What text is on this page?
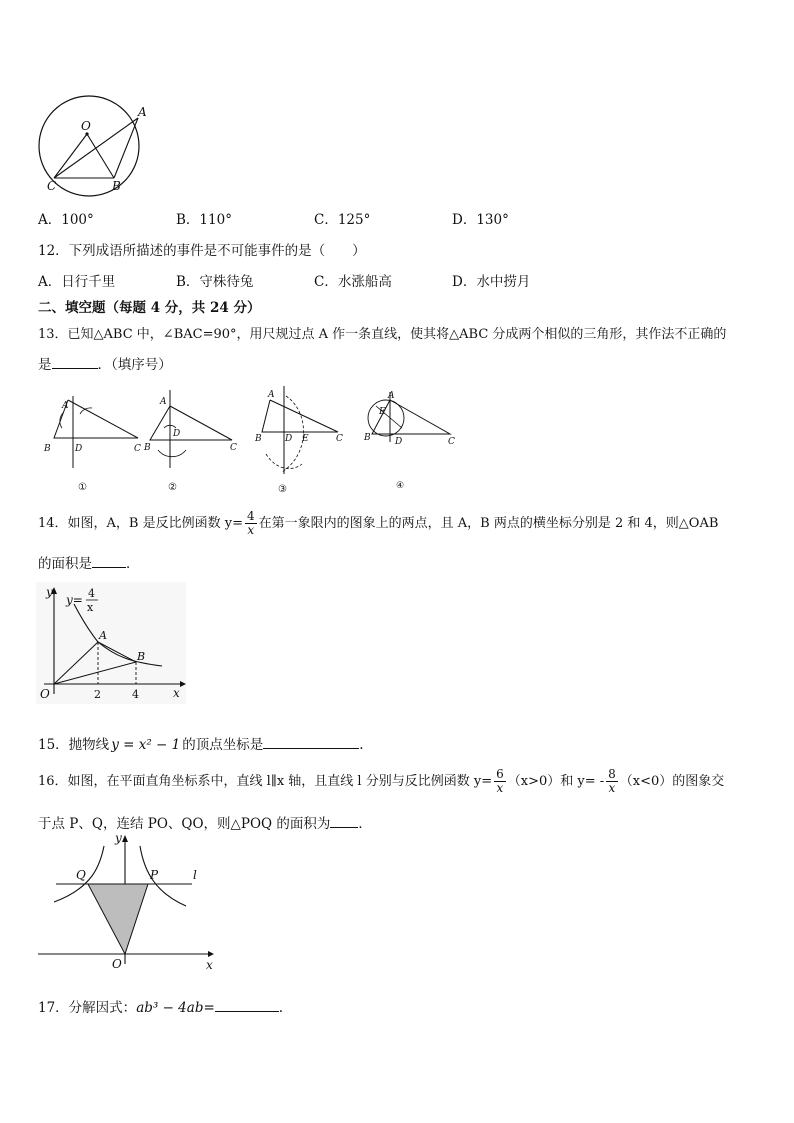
O
A
C	B
A．100°	B．110°	C．125°	D．130°
12．下列成语所描述的事件是不可能事件的是（　　）
A．日行千里	B．守株待兔	C．水涨船高	D．水中捞月
二、填空题（每题 4 分，共 24 分）
13．已知△ABC 中，∠BAC=90°，用尺规过点 A 作一条直线，使其将△ABC 分成两个相似的三角形，其作法不正确的
是	．（填序号）
A
B	D	C
①
A
D
B	C
②
A
B	D E	C
③
A
E
B	D	C
④
14．如图，A，B 是反比例函数 $y= \frac{4}{x}$ 在第一象限内的图象上的两点，且 A，B 两点的横坐标分别是 2 和 4，则△OAB
的面积是	．
y
x
O
A
B
2	4
y= 4
x
15．抛物线 y = x² − 1 的顶点坐标是	.
16．如图，在平面直角坐标系中，直线 l∥x 轴，且直线 l 分别与反比例函数 $y= \frac{6}{x} (x>0)$和 $y= - \frac{8}{x} (x<0)$的图象交
于点 P、Q，连结 PO、QO，则△POQ 的面积为 ．
y
x
O
Q	P	l
17．分解因式：ab³ − 4ab=	.
